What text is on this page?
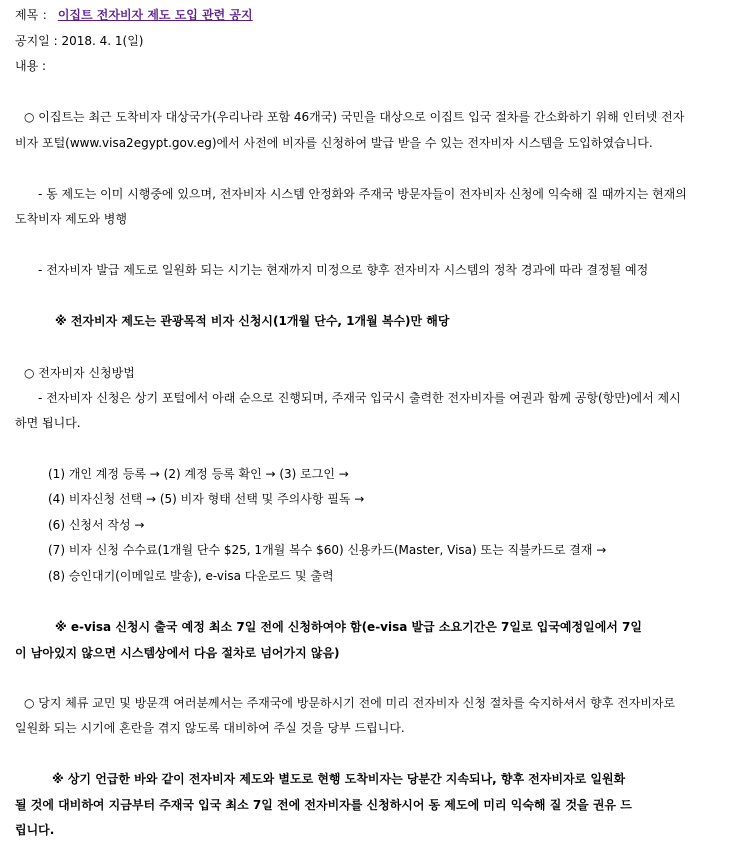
제목 ： 이집트 전자비자 제도 도입 관련 공지
공지일 : 2018. 4. 1(일)
내용 :
○ 이집트는 최근 도착비자 대상국가(우리나라 포함 46개국) 국민을 대상으로 이집트 입국 절차를 간소화하기 위해 인터넷 전자
비자 포털(www.visa2egypt.gov.eg)에서 사전에 비자를 신청하여 발급 받을 수 있는 전자비자 시스템을 도입하였습니다.
- 동 제도는 이미 시행중에 있으며, 전자비자 시스템 안정화와 주재국 방문자들이 전자비자 신청에 익숙해 질 때까지는 현재의
도착비자 제도와 병행
- 전자비자 발급 제도로 일원화 되는 시기는 현재까지 미정으로 향후 전자비자 시스템의 정착 경과에 따라 결정될 예정
※ 전자비자 제도는 관광목적 비자 신청시(1개월 단수, 1개월 복수)만 해당
○ 전자비자 신청방법
- 전자비자 신청은 상기 포털에서 아래 순으로 진행되며, 주재국 입국시 출력한 전자비자를 여권과 함께 공항(항만)에서 제시
하면 됩니다.
(1) 개인 계정 등록 → (2) 계정 등록 확인 → (3) 로그인 →
(4) 비자신청 선택 → (5) 비자 형태 선택 및 주의사항 필독 →
(6) 신청서 작성 →
(7) 비자 신청 수수료(1개월 단수 $25, 1개월 복수 $60) 신용카드(Master, Visa) 또는 직불카드로 결재 →
(8) 승인대기(이메일로 발송), e-visa 다운로드 및 출력
※ e-visa 신청시 출국 예정 최소 7일 전에 신청하여야 함(e-visa 발급 소요기간은 7일로 입국예정일에서 7일
이 남아있지 않으면 시스템상에서 다음 절차로 넘어가지 않음)
○ 당지 체류 교민 및 방문객 여러분께서는 주재국에 방문하시기 전에 미리 전자비자 신청 절차를 숙지하셔서 향후 전자비자로
일원화 되는 시기에 혼란을 겪지 않도록 대비하여 주실 것을 당부 드립니다.
※ 상기 언급한 바와 같이 전자비자 제도와 별도로 현행 도착비자는 당분간 지속되나, 향후 전자비자로 일원화
될 것에 대비하여 지금부터 주재국 입국 최소 7일 전에 전자비자를 신청하시어 동 제도에 미리 익숙해 질 것을 권유 드
립니다.
